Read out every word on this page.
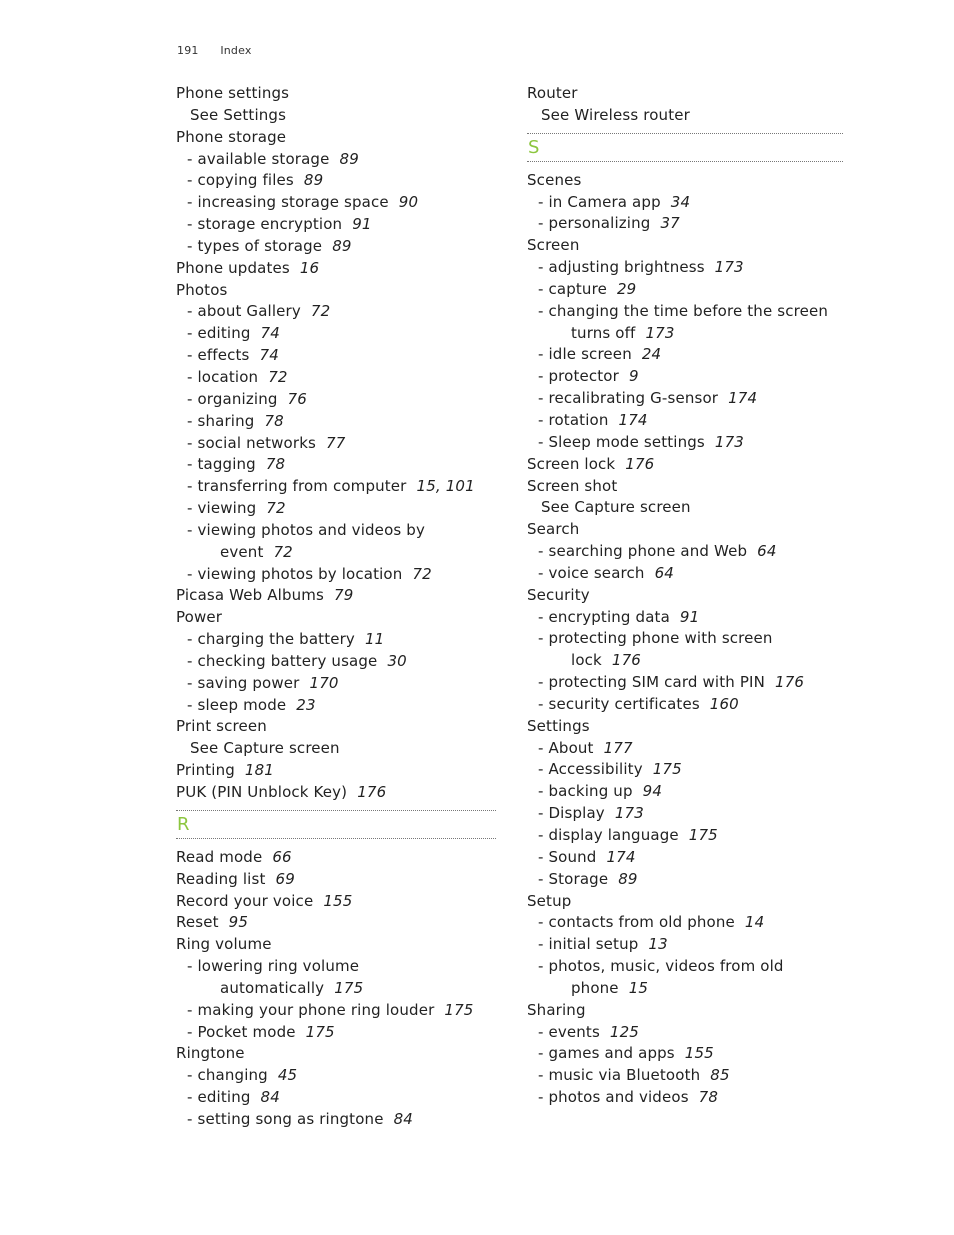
191 Index
Phone settings
See Settings
Phone storage
- available storage 89
- copying files 89
- increasing storage space 90
- storage encryption 91
- types of storage 89
Phone updates 16
Photos
- about Gallery 72
- editing 74
- effects 74
- location 72
- organizing 76
- sharing 78
- social networks 77
- tagging 78
- transferring from computer 15, 101
- viewing 72
- viewing photos and videos by
event 72
- viewing photos by location 72
Picasa Web Albums 79
Power
- charging the battery 11
- checking battery usage 30
- saving power 170
- sleep mode 23
Print screen
See Capture screen
Printing 181
PUK (PIN Unblock Key) 176
R
Read mode 66
Reading list 69
Record your voice 155
Reset 95
Ring volume
- lowering ring volume
automatically 175
- making your phone ring louder 175
- Pocket mode 175
Ringtone
- changing 45
- editing 84
- setting song as ringtone 84
Router
See Wireless router
S
Scenes
- in Camera app 34
- personalizing 37
Screen
- adjusting brightness 173
- capture 29
- changing the time before the screen
turns off 173
- idle screen 24
- protector 9
- recalibrating G-sensor 174
- rotation 174
- Sleep mode settings 173
Screen lock 176
Screen shot
See Capture screen
Search
- searching phone and Web 64
- voice search 64
Security
- encrypting data 91
- protecting phone with screen
lock 176
- protecting SIM card with PIN 176
- security certificates 160
Settings
- About 177
- Accessibility 175
- backing up 94
- Display 173
- display language 175
- Sound 174
- Storage 89
Setup
- contacts from old phone 14
- initial setup 13
- photos, music, videos from old
phone 15
Sharing
- events 125
- games and apps 155
- music via Bluetooth 85
- photos and videos 78
